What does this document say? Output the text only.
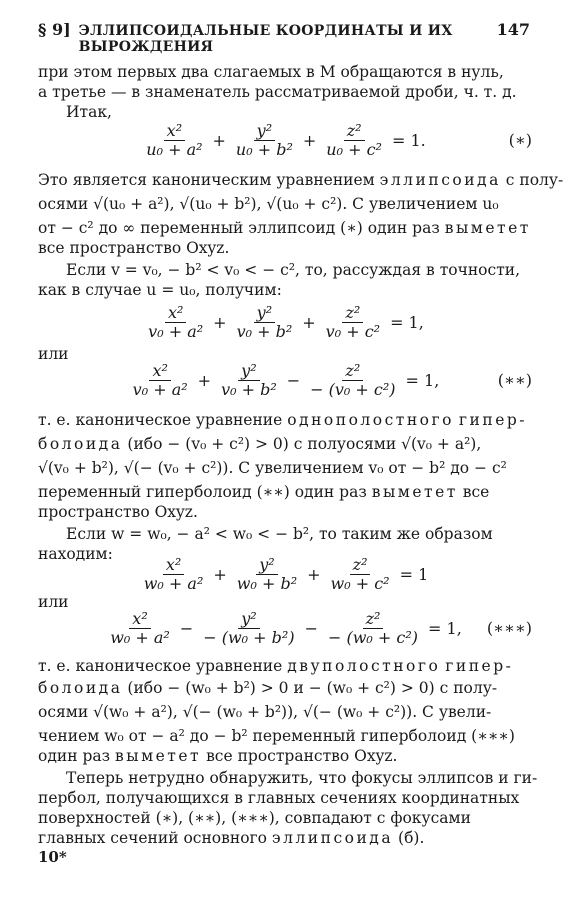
§ 9] ЭЛЛИПСОИДАЛЬНЫЕ КООРДИНАТЫ И ИХ ВЫРОЖДЕНИЯ
147
при этом первых два слагаемых в M обращаются в нуль,
а третье — в знаменатель рассматриваемой дроби, ч. т. д.
Итак,
$\frac{\text{x²}}{\text{u₀ + a²}} + \frac{\text{y²}}{\text{u₀ + b²}} + \frac{\text{z²}}{\text{u₀ + c²}} = 1$.	(∗)
Это является каноническим уравнением эллипсоида с полу-
осями √(u₀ + a²), √(u₀ + b²), √(u₀ + c²). С увеличением u₀
от − c² до ∞ переменный эллипсоид (∗) один раз выметет
все пространство Oxyz.
Если v = v₀, − b² < v₀ < − c², то, рассуждая в точности,
как в случае u = u₀, получим:
$\frac{\text{x²}}{\text{v₀ + a²}} + \frac{\text{y²}}{\text{v₀ + b²}} + \frac{\text{z²}}{\text{v₀ + c²}} = 1$,
или
$\frac{\text{x²}}{\text{v₀ + a²}} + \frac{\text{y²}}{\text{v₀ + b²}} - \frac{\text{z²}}{\text{− (v₀ + c²)}} = 1$,	(∗∗)
т. е. каноническое уравнение однополостного гипер-
болоида (ибо − (v₀ + c²) > 0) с полуосями √(v₀ + a²),
√(v₀ + b²), √(− (v₀ + c²)). С увеличением v₀ от − b² до − c²
переменный гиперболоид (∗∗) один раз выметет все
пространство Oxyz.
Если w = w₀, − a² < w₀ < − b², то таким же образом
находим:
$\frac{\text{x²}}{\text{w₀ + a²}} + \frac{\text{y²}}{\text{w₀ + b²}} + \frac{\text{z²}}{\text{w₀ + c²}} = 1$
или
$\frac{\text{x²}}{\text{w₀ + a²}} - \frac{\text{y²}}{\text{− (w₀ + b²)}} - \frac{\text{z²}}{\text{− (w₀ + c²)}} = 1$, (∗∗∗)
т. е. каноническое уравнение двуполостного гипер-
болоида (ибо − (w₀ + b²) > 0 и − (w₀ + c²) > 0) с полу-
осями √(w₀ + a²), √(− (w₀ + b²)), √(− (w₀ + c²)). С увели-
чением w₀ от − a² до − b² переменный гиперболоид (∗∗∗)
один раз выметет все пространство Oxyz.
Теперь нетрудно обнаружить, что фокусы эллипсов и ги-
пербол, получающихся в главных сечениях координатных
поверхностей (∗), (∗∗), (∗∗∗), совпадают с фокусами
главных сечений основного эллипсоида (б).
10*
